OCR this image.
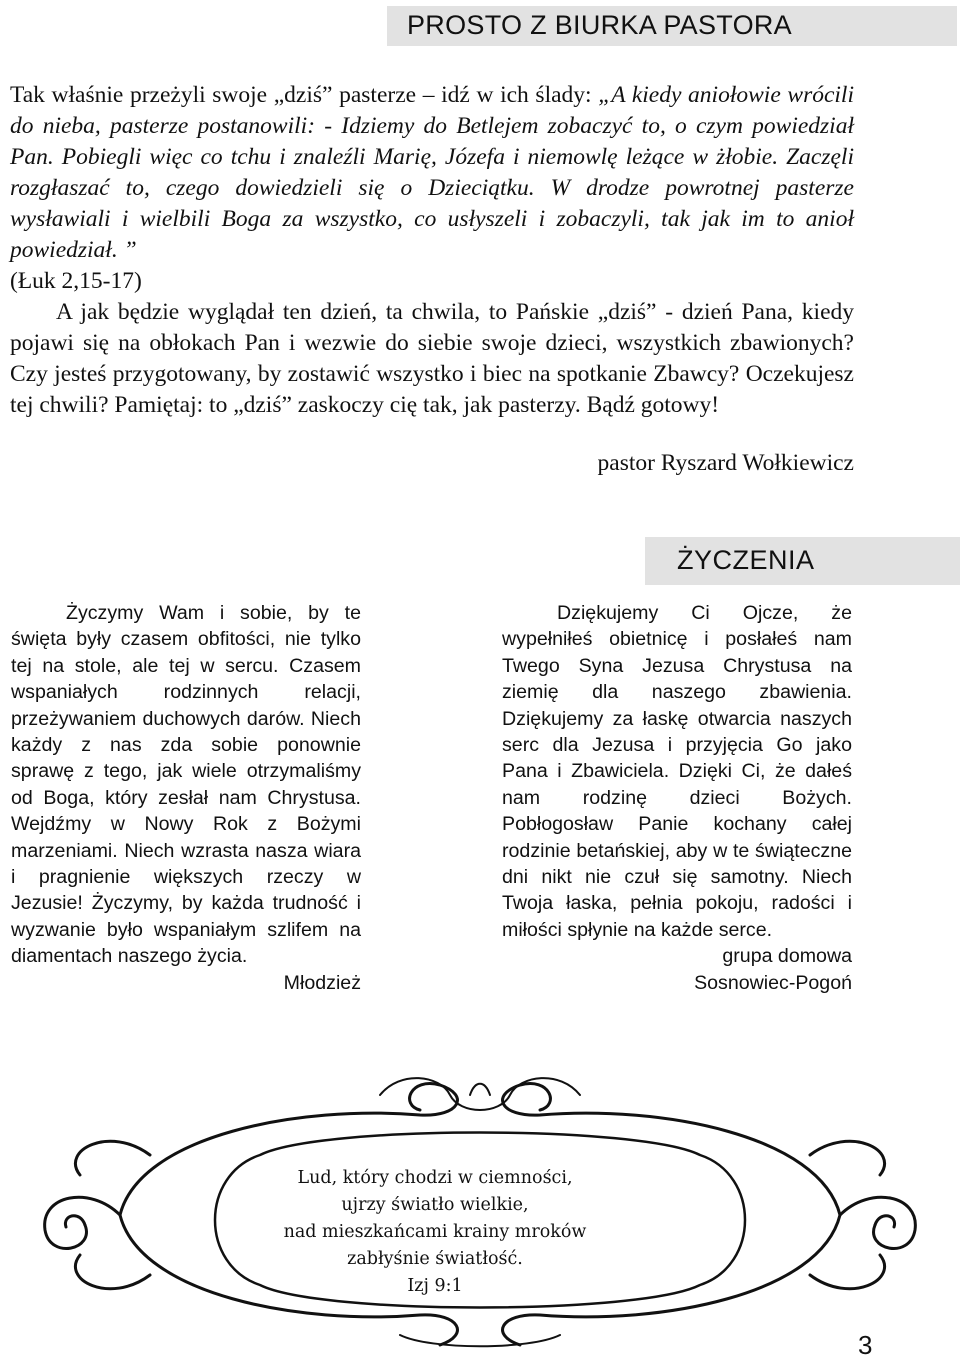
PROSTO Z BIURKA PASTORA

Tak właśnie przeżyli swoje „dziś” pasterze – idź w ich ślady: „A kiedy aniołowie wrócili do nieba, pasterze postanowili: - Idziemy do Betlejem zobaczyć to, o czym powiedział Pan. Pobiegli więc co tchu i znaleźli Marię, Józefa i niemowlę leżące w żłobie. Zaczęli rozgłaszać to, czego dowiedzieli się o Dzieciątku. W drodze powrotnej pasterze wysławiali i wielbili Boga za wszystko, co usłyszeli i zobaczyli, tak jak im to anioł powiedział. ”

(Łuk 2,15-17)

A jak będzie wyglądał ten dzień, ta chwila, to Pańskie „dziś” - dzień Pana, kiedy pojawi się na obłokach Pan i wezwie do siebie swoje dzieci, wszystkich zbawionych? Czy jesteś przygotowany, by zostawić wszystko i biec na spotkanie Zbawcy? Oczekujesz tej chwili? Pamiętaj: to „dziś” zaskoczy cię tak, jak pasterzy. Bądź gotowy!

pastor Ryszard Wołkiewicz
ŻYCZENIA

Życzymy Wam i sobie, by te święta były czasem obfitości, nie tylko tej na stole, ale tej w sercu. Czasem wspaniałych rodzinnych relacji, przeżywaniem duchowych darów. Niech każdy z nas zda sobie ponownie sprawę z tego, jak wiele otrzymaliśmy od Boga, który zesłał nam Chrystusa. Wejdźmy w Nowy Rok z Bożymi marzeniami. Niech wzrasta nasza wiara i pragnienie większych rzeczy w Jezusie! Życzymy, by każda trudność i wyzwanie było wspaniałym szlifem na diamentach naszego życia.

Młodzież

Dziękujemy Ci Ojcze, że wypełniłeś obietnicę i posłałeś nam Twego Syna Jezusa Chrystusa na ziemię dla naszego zbawienia. Dziękujemy za łaskę otwarcia naszych serc dla Jezusa i przyjęcia Go jako Pana i Zbawiciela. Dzięki Ci, że dałeś nam rodzinę dzieci Bożych. Pobłogosław Panie kochany całej rodzinie betańskiej, aby w te świąteczne dni nikt nie czuł się samotny. Niech Twoja łaska, pełnia pokoju, radości i miłości spłynie na każde serce.

grupa domowa

Sosnowiec-Pogoń

Lud, który chodzi w ciemności,
ujrzy światło wielkie,
nad mieszkańcami krainy mroków
zabłyśnie światłość.
Izj 9:1
3
